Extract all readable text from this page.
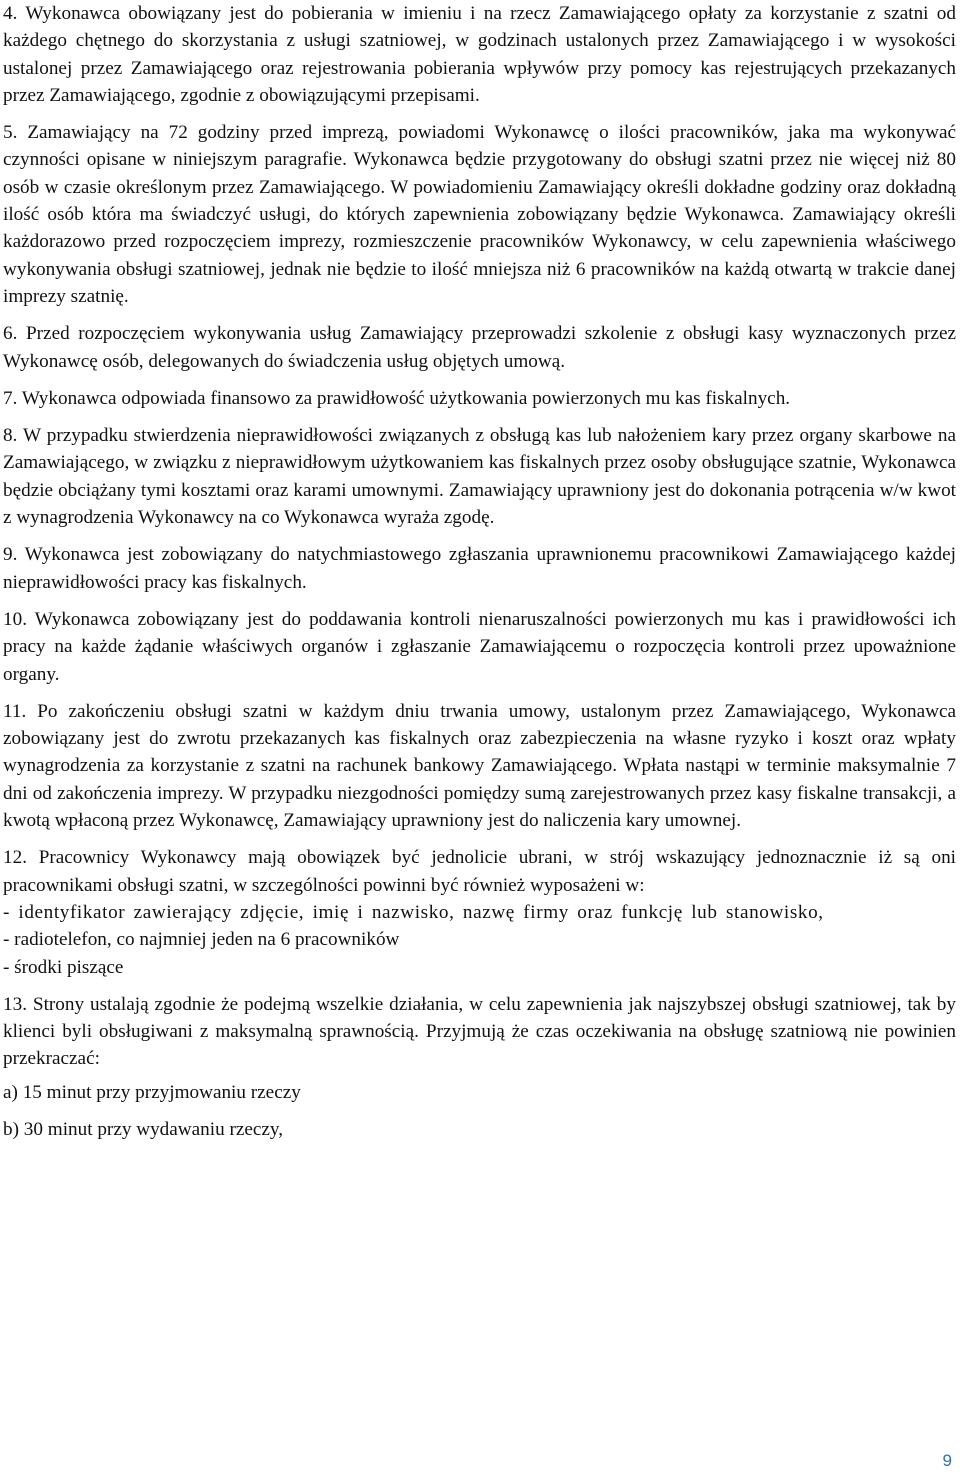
4. Wykonawca obowiązany jest do pobierania w imieniu i na rzecz Zamawiającego opłaty za korzystanie z szatni od każdego chętnego do skorzystania z usługi szatniowej, w godzinach ustalonych przez Zamawiającego i w wysokości ustalonej przez Zamawiającego oraz rejestrowania pobierania wpływów przy pomocy kas rejestrujących przekazanych przez Zamawiającego, zgodnie z obowiązującymi przepisami.

5. Zamawiający na 72 godziny przed imprezą, powiadomi Wykonawcę o ilości pracowników, jaka ma wykonywać czynności opisane w niniejszym paragrafie. Wykonawca będzie przygotowany do obsługi szatni przez nie więcej niż 80 osób w czasie określonym przez Zamawiającego. W powiadomieniu Zamawiający określi dokładne godziny oraz dokładną ilość osób która ma świadczyć usługi, do których zapewnienia zobowiązany będzie Wykonawca. Zamawiający określi każdorazowo przed rozpoczęciem imprezy, rozmieszczenie pracowników Wykonawcy, w celu zapewnienia właściwego wykonywania obsługi szatniowej, jednak nie będzie to ilość mniejsza niż 6 pracowników na każdą otwartą w trakcie danej imprezy szatnię.

6. Przed rozpoczęciem wykonywania usług Zamawiający przeprowadzi szkolenie z obsługi kasy wyznaczonych przez Wykonawcę osób, delegowanych do świadczenia usług objętych umową.

7. Wykonawca odpowiada finansowo za prawidłowość użytkowania powierzonych mu kas fiskalnych.

8. W przypadku stwierdzenia nieprawidłowości związanych z obsługą kas lub nałożeniem kary przez organy skarbowe na Zamawiającego, w związku z nieprawidłowym użytkowaniem kas fiskalnych przez osoby obsługujące szatnie, Wykonawca będzie obciążany tymi kosztami oraz karami umownymi. Zamawiający uprawniony jest do dokonania potrącenia w/w kwot z wynagrodzenia Wykonawcy na co Wykonawca wyraża zgodę.

9. Wykonawca jest zobowiązany do natychmiastowego zgłaszania uprawnionemu pracownikowi Zamawiającego każdej nieprawidłowości pracy kas fiskalnych.

10. Wykonawca zobowiązany jest do poddawania kontroli nienaruszalności powierzonych mu kas i prawidłowości ich pracy na każde żądanie właściwych organów i zgłaszanie Zamawiającemu o rozpoczęcia kontroli przez upoważnione organy.

11. Po zakończeniu obsługi szatni w każdym dniu trwania umowy, ustalonym przez Zamawiającego, Wykonawca zobowiązany jest do zwrotu przekazanych kas fiskalnych oraz zabezpieczenia na własne ryzyko i koszt oraz wpłaty wynagrodzenia za korzystanie z szatni na rachunek bankowy Zamawiającego. Wpłata nastąpi w terminie maksymalnie 7 dni od zakończenia imprezy. W przypadku niezgodności pomiędzy sumą zarejestrowanych przez kasy fiskalne transakcji, a kwotą wpłaconą przez Wykonawcę, Zamawiający uprawniony jest do naliczenia kary umownej.

12. Pracownicy Wykonawcy mają obowiązek być jednolicie ubrani, w strój wskazujący jednoznacznie iż są oni pracownikami obsługi szatni, w szczególności powinni być również wyposażeni w:

- identyfikator zawierający zdjęcie, imię i nazwisko, nazwę firmy oraz funkcję lub stanowisko,

- radiotelefon, co najmniej jeden na 6 pracowników

- środki piszące

13. Strony ustalają zgodnie że podejmą wszelkie działania, w celu zapewnienia jak najszybszej obsługi szatniowej, tak by klienci byli obsługiwani z maksymalną sprawnością. Przyjmują że czas oczekiwania na obsługę szatniową nie powinien przekraczać:

a) 15 minut przy przyjmowaniu rzeczy

b) 30 minut przy wydawaniu rzeczy,

9
